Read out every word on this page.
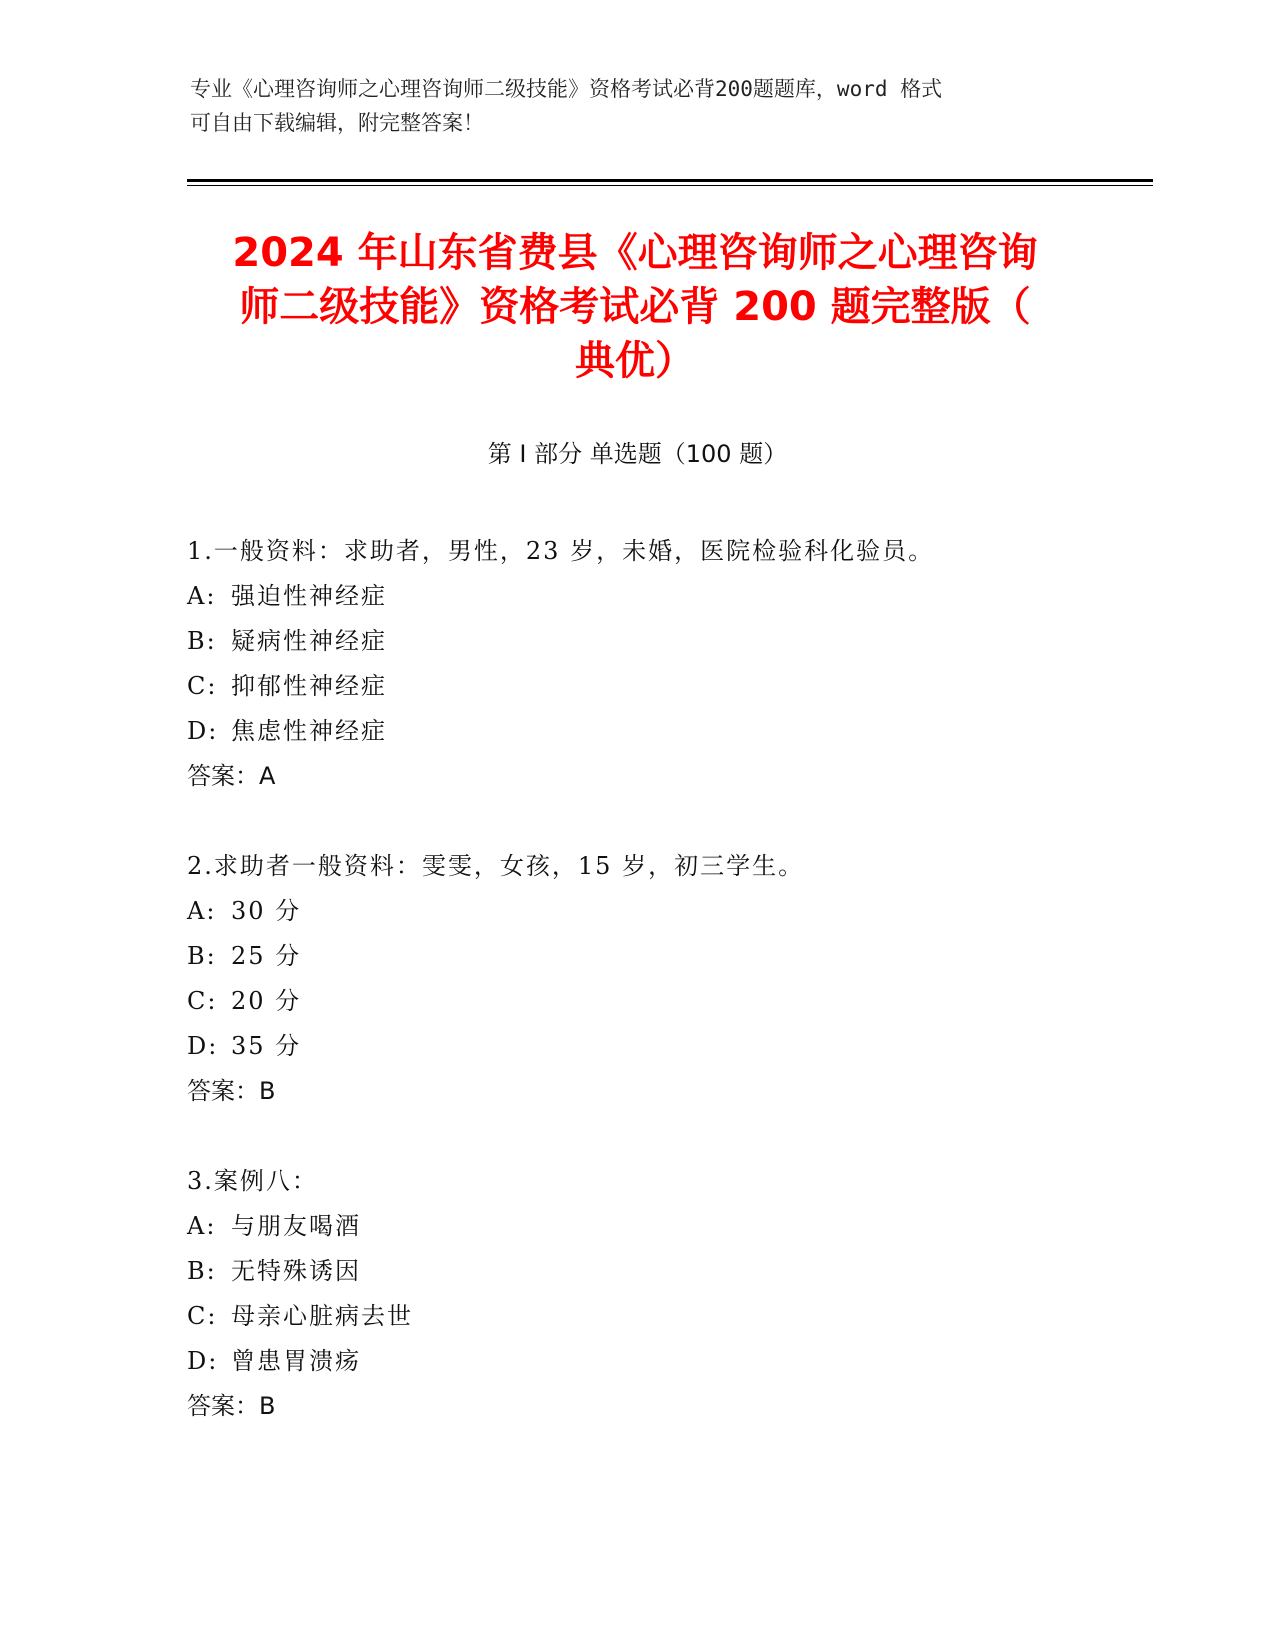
专业《心理咨询师之心理咨询师二级技能》资格考试必背200题题库，word 格式
可自由下载编辑，附完整答案！
2024 年山东省费县《心理咨询师之心理咨询
师二级技能》资格考试必背 200 题完整版（
典优）
第 I 部分 单选题（100 题）
1.一般资料：求助者，男性，23 岁，未婚，医院检验科化验员。
A: 强迫性神经症
B: 疑病性神经症
C: 抑郁性神经症
D: 焦虑性神经症
答案：A
2.求助者一般资料：雯雯，女孩，15 岁，初三学生。
A: 30 分
B: 25 分
C: 20 分
D: 35 分
答案：B
3.案例八：
A: 与朋友喝酒
B: 无特殊诱因
C: 母亲心脏病去世
D: 曾患胃溃疡
答案：B
